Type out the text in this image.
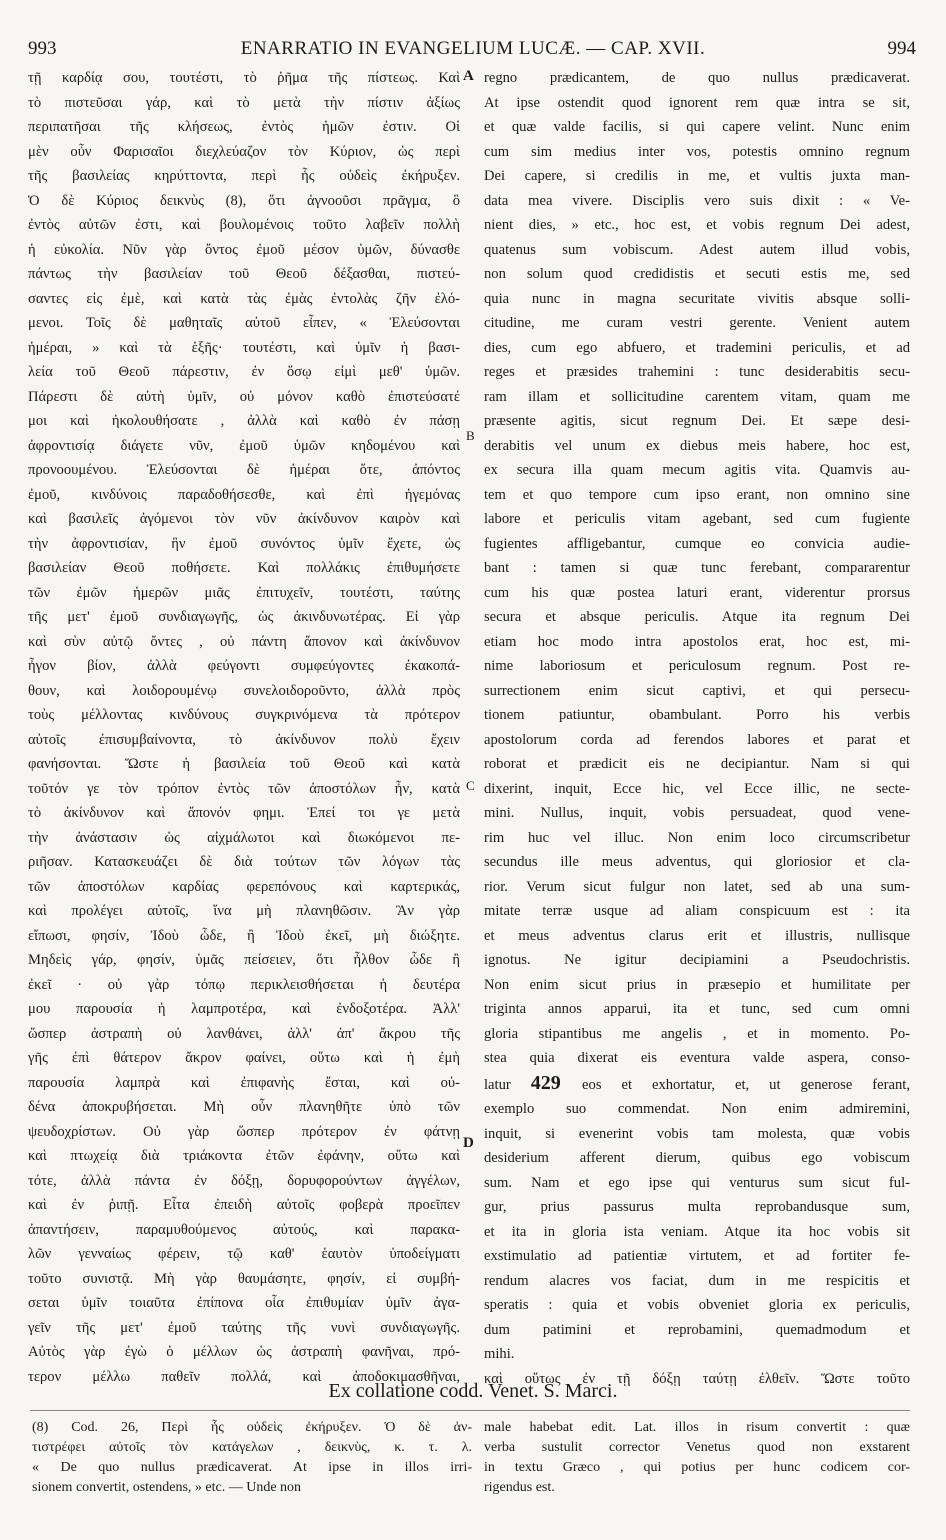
993	ENARRATIO IN EVANGELIUM LUCÆ. — CAP. XVII.	994
τῇ καρδίᾳ σου, τουτέστι, τὸ ῥῆμα τῆς πίστεως. Καὶ
τὸ πιστεῦσαι γάρ, καὶ τὸ μετὰ τὴν πίστιν ἀξίως
περιπατῆσαι τῆς κλήσεως, ἐντὸς ἡμῶν ἐστιν. Οἱ
μὲν οὖν Φαρισαῖοι διεχλεύαζον τὸν Κύριον, ὡς περὶ
τῆς βασιλείας κηρύττοντα, περὶ ἧς οὐδεὶς ἐκήρυξεν.
Ὁ δὲ Κύριος δεικνὺς (8), ὅτι ἀγνοοῦσι πρᾶγμα, ὃ
ἐντὸς αὐτῶν ἐστι, καὶ βουλομένοις τοῦτο λαβεῖν πολλὴ
ἡ εὐκολία. Νῦν γὰρ ὄντος ἐμοῦ μέσον ὑμῶν, δύνασθε
πάντως τὴν βασιλείαν τοῦ Θεοῦ δέξασθαι, πιστεύ-
σαντες εἰς ἐμὲ, καὶ κατὰ τὰς ἐμὰς ἐντολὰς ζῆν ἐλό-
μενοι. Τοῖς δὲ μαθηταῖς αὐτοῦ εἶπεν, « Ἐλεύσονται
ἡμέραι, » καὶ τὰ ἑξῆς· τουτέστι, καὶ ὑμῖν ἡ βασι-
λεία τοῦ Θεοῦ πάρεστιν, ἐν ὅσῳ εἰμὶ μεθ' ὑμῶν.
Πάρεστι δὲ αὐτὴ ὑμῖν, οὐ μόνον καθὸ ἐπιστεύσατέ
μοι καὶ ἠκολουθήσατε , ἀλλὰ καὶ καθὸ ἐν πάσῃ
ἀφροντισίᾳ διάγετε νῦν, ἐμοῦ ὑμῶν κηδομένου καὶ
προνοουμένου. Ἐλεύσονται δὲ ἡμέραι ὅτε, ἀπόντος
ἐμοῦ, κινδύνοις παραδοθήσεσθε, καὶ ἐπὶ ἡγεμόνας
καὶ βασιλεῖς ἀγόμενοι τὸν νῦν ἀκίνδυνον καιρὸν καὶ
τὴν ἀφροντισίαν, ἣν ἐμοῦ συνόντος ὑμῖν ἔχετε, ὡς
βασιλείαν Θεοῦ ποθήσετε. Καὶ πολλάκις ἐπιθυμήσετε
τῶν ἐμῶν ἡμερῶν μιᾶς ἐπιτυχεῖν, τουτέστι, ταύτης
τῆς μετ' ἐμοῦ συνδιαγωγῆς, ὡς ἀκινδυνωτέρας. Εἰ γὰρ
καὶ σὺν αὐτῷ ὄντες , οὐ πάντη ἄπονον καὶ ἀκίνδυνον
ἦγον βίον, ἀλλὰ φεύγοντι συμφεύγοντες ἐκακοπά-
θουν, καὶ λοιδορουμένῳ συνελοιδοροῦντο, ἀλλὰ πρὸς
τοὺς μέλλοντας κινδύνους συγκρινόμενα τὰ πρότερον
αὐτοῖς ἐπισυμβαίνοντα, τὸ ἀκίνδυνον πολὺ ἔχειν
φανήσονται. Ὥστε ἡ βασιλεία τοῦ Θεοῦ καὶ κατὰ
τοῦτόν γε τὸν τρόπον ἐντὸς τῶν ἀποστόλων ἦν, κατὰ
τὸ ἀκίνδυνον καὶ ἄπονόν φημι. Ἐπεί τοι γε μετὰ
τὴν ἀνάστασιν ὡς αἰχμάλωτοι καὶ διωκόμενοι πε-
ριῆσαν. Κατασκευάζει δὲ διὰ τούτων τῶν λόγων τὰς
τῶν ἀποστόλων καρδίας φερεπόνους καὶ καρτερικάς,
καὶ προλέγει αὐτοῖς, ἵνα μὴ πλανηθῶσιν. Ἂν γὰρ
εἴπωσι, φησίν, Ἰδοὺ ὧδε, ἢ Ἰδοὺ ἐκεῖ, μὴ διώξητε.
Μηδεὶς γάρ, φησίν, ὑμᾶς πείσειεν, ὅτι ἦλθον ὧδε ἢ
ἐκεῖ · οὐ γὰρ τόπῳ περικλεισθήσεται ἡ δευτέρα
μου παρουσία ἡ λαμπροτέρα, καὶ ἐνδοξοτέρα. Ἀλλ'
ὥσπερ ἀστραπὴ οὐ λανθάνει, ἀλλ' ἀπ' ἄκρου τῆς
γῆς ἐπὶ θάτερον ἄκρον φαίνει, οὕτω καὶ ἡ ἐμὴ
παρουσία λαμπρὰ καὶ ἐπιφανὴς ἔσται, καὶ οὐ-
δένα ἀποκρυβήσεται. Μὴ οὖν πλανηθῆτε ὑπὸ τῶν
ψευδοχρίστων. Οὐ γὰρ ὥσπερ πρότερον ἐν φάτνῃ
καὶ πτωχείᾳ διὰ τριάκοντα ἐτῶν ἐφάνην, οὕτω καὶ
τότε, ἀλλὰ πάντα ἐν δόξῃ, δορυφορούντων ἀγγέλων,
καὶ ἐν ῥιπῇ. Εἶτα ἐπειδὴ αὐτοῖς φοβερὰ προεῖπεν
ἀπαντήσειν, παραμυθούμενος αὐτούς, καὶ παρακα-
λῶν γενναίως φέρειν, τῷ καθ' ἑαυτὸν ὑποδείγματι
τοῦτο συνιστᾷ. Μὴ γὰρ θαυμάσητε, φησίν, εἰ συμβή-
σεται ὑμῖν τοιαῦτα ἐπίπονα οἷα ἐπιθυμίαν ὑμῖν ἀγα-
γεῖν τῆς μετ' ἐμοῦ ταύτης τῆς νυνὶ συνδιαγωγῆς.
Αὐτὸς γὰρ ἐγὼ ὁ μέλλων ὡς ἀστραπὴ φανῆναι, πρό-
τερον μέλλω παθεῖν πολλά, καὶ ἀποδοκιμασθῆναι,
regno prædicantem, de quo nullus prædicaverat.
At ipse ostendit quod ignorent rem quæ intra se sit,
et quæ valde facilis, si qui capere velint. Nunc enim
cum sim medius inter vos, potestis omnino regnum
Dei capere, si credilis in me, et vultis juxta man-
data mea vivere. Disciplis vero suis dixit : « Ve-
nient dies, » etc., hoc est, et vobis regnum Dei adest,
quatenus sum vobiscum. Adest autem illud vobis,
non solum quod credidistis et secuti estis me, sed
quia nunc in magna securitate vivitis absque solli-
citudine, me curam vestri gerente. Venient autem
dies, cum ego abfuero, et trademini periculis, et ad
reges et præsides trahemini : tunc desiderabitis secu-
ram illam et sollicitudine carentem vitam, quam me
præsente agitis, sicut regnum Dei. Et sæpe desi-
derabitis vel unum ex diebus meis habere, hoc est,
ex secura illa quam mecum agitis vita. Quamvis au-
tem et quo tempore cum ipso erant, non omnino sine
labore et periculis vitam agebant, sed cum fugiente
fugientes affligebantur, cumque eo convicia audie-
bant : tamen si quæ tunc ferebant, compararentur
cum his quæ postea laturi erant, viderentur prorsus
secura et absque periculis. Atque ita regnum Dei
etiam hoc modo intra apostolos erat, hoc est, mi-
nime laboriosum et periculosum regnum. Post re-
surrectionem enim sicut captivi, et qui persecu-
tionem patiuntur, obambulant. Porro his verbis
apostolorum corda ad ferendos labores et parat et
roborat et prædicit eis ne decipiantur. Nam si qui
dixerint, inquit, Ecce hic, vel Ecce illic, ne secte-
mini. Nullus, inquit, vobis persuadeat, quod vene-
rim huc vel illuc. Non enim loco circumscribetur
secundus ille meus adventus, qui gloriosior et cla-
rior. Verum sicut fulgur non latet, sed ab una sum-
mitate terræ usque ad aliam conspicuum est : ita
et meus adventus clarus erit et illustris, nullisque
ignotus. Ne igitur decipiamini a Pseudochristis.
Non enim sicut prius in præsepio et humilitate per
triginta annos apparui, ita et tunc, sed cum omni
gloria stipantibus me angelis , et in momento. Po-
stea quia dixerat eis eventura valde aspera, conso-
latur 429 eos et exhortatur, et, ut generose ferant,
exemplo suo commendat. Non enim admiremini,
inquit, si evenerint vobis tam molesta, quæ vobis
desiderium afferent dierum, quibus ego vobiscum
sum. Nam et ego ipse qui venturus sum sicut ful-
gur, prius passurus multa reprobandusque sum,
et ita in gloria ista veniam. Atque ita hoc vobis sit
exstimulatio ad patientiæ virtutem, et ad fortiter fe-
rendum alacres vos faciat, dum in me respicitis et
speratis : quia et vobis obveniet gloria ex periculis,
dum patimini et reprobamini, quemadmodum et
mihi.
καὶ οὕτως ἐν τῇ δόξῃ ταύτῃ ἐλθεῖν. Ὥστε τοῦτο
A
B
C
D
Ex collatione codd. Venet. S. Marci.
(8) Cod. 26, Περὶ ἧς οὐδεὶς ἐκήρυξεν. Ὁ δὲ ἀν-
τιστρέφει αὐτοῖς τὸν κατάγελων , δεικνὺς, κ. τ. λ.
« De quo nullus prædicaverat. At ipse in illos irri-
sionem convertit, ostendens, » etc. — Unde non
male habebat edit. Lat. illos in risum convertit : quæ
verba sustulit corrector Venetus quod non exstarent
in textu Græco , qui potius per hunc codicem cor-
rigendus est.
